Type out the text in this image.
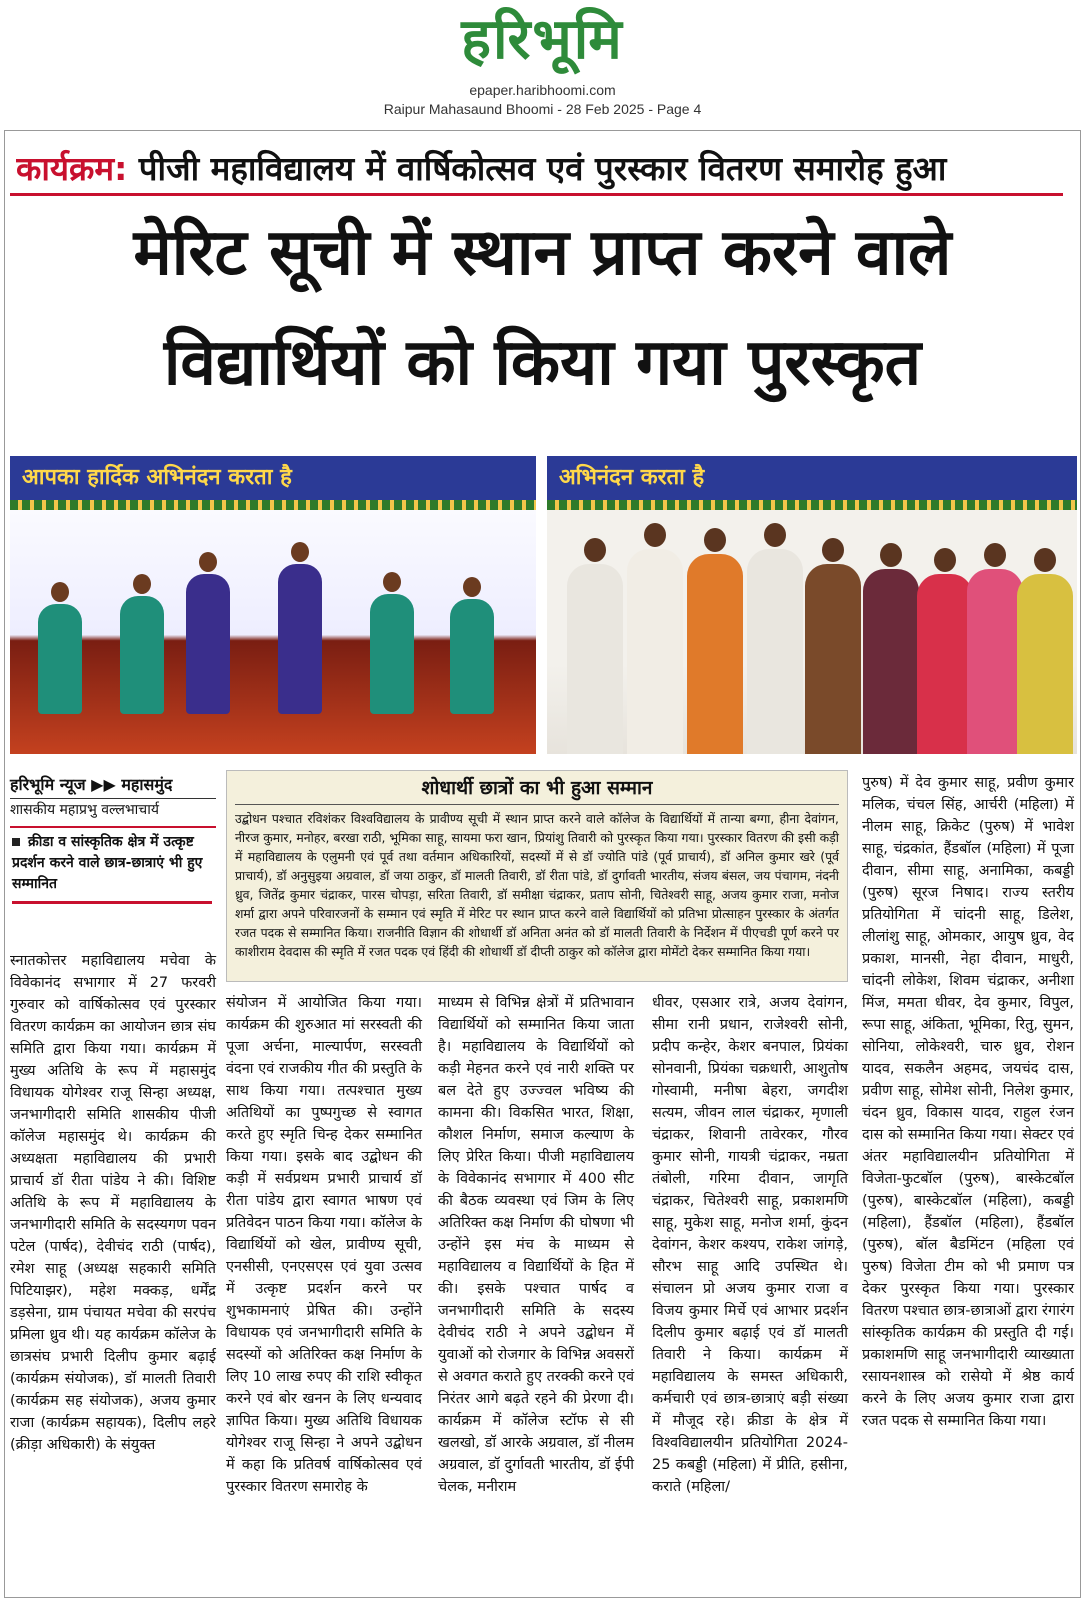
हरिभूमि
epaper.haribhoomi.com
Raipur Mahasaund Bhoomi - 28 Feb 2025 - Page 4
कार्यक्रम: पीजी महाविद्यालय में वार्षिकोत्सव एवं पुरस्कार वितरण समारोह हुआ
मेरिट सूची में स्थान प्राप्त करने वाले
विद्यार्थियों को किया गया पुरस्कृत
आपका हार्दिक अभिनंदन करता है	अभिनंदन करता है
हरिभूमि न्यूज ▶▶ महासमुंद
शासकीय महाप्रभु वल्लभाचार्य
क्रीडा व सांस्कृतिक क्षेत्र में उत्कृष्ट प्रदर्शन करने वाले छात्र-छात्राएं भी हुए सम्मानित
स्नातकोत्तर महाविद्यालय मचेवा के विवेकानंद सभागार में 27 फरवरी गुरुवार को वार्षिकोत्सव एवं पुरस्कार वितरण कार्यक्रम का आयोजन छात्र संघ समिति द्वारा किया गया। कार्यक्रम में मुख्य अतिथि के रूप में महासमुंद विधायक योगेश्वर राजू सिन्हा अध्यक्ष, जनभागीदारी समिति शासकीय पीजी कॉलेज महासमुंद थे। कार्यक्रम की अध्यक्षता महाविद्यालय की प्रभारी प्राचार्य डॉ रीता पांडेय ने की। विशिष्ट अतिथि के रूप में महाविद्यालय के जनभागीदारी समिति के सदस्यगण पवन पटेल (पार्षद), देवीचंद राठी (पार्षद), रमेश साहू (अध्यक्ष सहकारी समिति पिटियाझर), महेश मक्कड़, धर्मेंद्र डड़सेना, ग्राम पंचायत मचेवा की सरपंच प्रमिला ध्रुव थी। यह कार्यक्रम कॉलेज के छात्रसंघ प्रभारी दिलीप कुमार बढ़ाई (कार्यक्रम संयोजक), डॉ मालती तिवारी (कार्यक्रम सह संयोजक), अजय कुमार राजा (कार्यक्रम सहायक), दिलीप लहरे (क्रीड़ा अधिकारी) के संयुक्त
शोधार्थी छात्रों का भी हुआ सम्मान
उद्बोधन पश्चात रविशंकर विश्वविद्यालय के प्रावीण्य सूची में स्थान प्राप्त करने वाले कॉलेज के विद्यार्थियों में तान्या बग्गा, हीना देवांगन, नीरज कुमार, मनोहर, बरखा राठी, भूमिका साहू, सायमा फरा खान, प्रियांशु तिवारी को पुरस्कृत किया गया। पुरस्कार वितरण की इसी कड़ी में महाविद्यालय के एलुमनी एवं पूर्व तथा वर्तमान अधिकारियों, सदस्यों में से डॉ ज्योति पांडे (पूर्व प्राचार्य), डॉ अनिल कुमार खरे (पूर्व प्राचार्य), डॉ अनुसुइया अग्रवाल, डॉ जया ठाकुर, डॉ मालती तिवारी, डॉ रीता पांडे, डॉ दुर्गावती भारतीय, संजय बंसल, जय पंचागम, नंदनी ध्रुव, जितेंद्र कुमार चंद्राकर, पारस चोपड़ा, सरिता तिवारी, डॉ समीक्षा चंद्राकर, प्रताप सोनी, चितेश्वरी साहू, अजय कुमार राजा, मनोज शर्मा द्वारा अपने परिवारजनों के सम्मान एवं स्मृति में मेरिट पर स्थान प्राप्त करने वाले विद्यार्थियों को प्रतिभा प्रोत्साहन पुरस्कार के अंतर्गत रजत पदक से सम्मानित किया। राजनीति विज्ञान की शोधार्थी डॉ अनिता अनंत को डॉ मालती तिवारी के निर्देशन में पीएचडी पूर्ण करने पर काशीराम देवदास की स्मृति में रजत पदक एवं हिंदी की शोधार्थी डॉ दीप्ती ठाकुर को कॉलेज द्वारा मोमेंटो देकर सम्मानित किया गया।
संयोजन में आयोजित किया गया। कार्यक्रम की शुरुआत मां सरस्वती की पूजा अर्चना, माल्यार्पण, सरस्वती वंदना एवं राजकीय गीत की प्रस्तुति के साथ किया गया। तत्पश्चात मुख्य अतिथियों का पुष्पगुच्छ से स्वागत करते हुए स्मृति चिन्ह देकर सम्मानित किया गया। इसके बाद उद्बोधन की कड़ी में सर्वप्रथम प्रभारी प्राचार्य डॉ रीता पांडेय द्वारा स्वागत भाषण एवं प्रतिवेदन पाठन किया गया। कॉलेज के विद्यार्थियों को खेल, प्रावीण्य सूची, एनसीसी, एनएसएस एवं युवा उत्सव में उत्कृष्ट प्रदर्शन करने पर शुभकामनाएं प्रेषित की। उन्होंने विधायक एवं जनभागीदारी समिति के सदस्यों को अतिरिक्त कक्ष निर्माण के लिए 10 लाख रुपए की राशि स्वीकृत करने एवं बोर खनन के लिए धन्यवाद ज्ञापित किया। मुख्य अतिथि विधायक योगेश्वर राजू सिन्हा ने अपने उद्बोधन में कहा कि प्रतिवर्ष वार्षिकोत्सव एवं पुरस्कार वितरण समारोह के
माध्यम से विभिन्न क्षेत्रों में प्रतिभावान विद्यार्थियों को सम्मानित किया जाता है। महाविद्यालय के विद्यार्थियों को कड़ी मेहनत करने एवं नारी शक्ति पर बल देते हुए उज्ज्वल भविष्य की कामना की। विकसित भारत, शिक्षा, कौशल निर्माण, समाज कल्याण के लिए प्रेरित किया। पीजी महाविद्यालय के विवेकानंद सभागार में 400 सीट की बैठक व्यवस्था एवं जिम के लिए अतिरिक्त कक्ष निर्माण की घोषणा भी उन्होंने इस मंच के माध्यम से महाविद्यालय व विद्यार्थियों के हित में की। इसके पश्चात पार्षद व जनभागीदारी समिति के सदस्य देवीचंद राठी ने अपने उद्बोधन में युवाओं को रोजगार के विभिन्न अवसरों से अवगत कराते हुए तरक्की करने एवं निरंतर आगे बढ़ते रहने की प्रेरणा दी। कार्यक्रम में कॉलेज स्टॉफ से सी खलखो, डॉ आरके अग्रवाल, डॉ नीलम अग्रवाल, डॉ दुर्गावती भारतीय, डॉ ईपी चेलक, मनीराम
धीवर, एसआर रात्रे, अजय देवांगन, सीमा रानी प्रधान, राजेश्वरी सोनी, प्रदीप कन्हेर, केशर बनपाल, प्रियंका सोनवानी, प्रियंका चक्रधारी, आशुतोष गोस्वामी, मनीषा बेहरा, जगदीश सत्यम, जीवन लाल चंद्राकर, मृणाली चंद्राकर, शिवानी तावेरकर, गौरव कुमार सोनी, गायत्री चंद्राकर, नम्रता तंबोली, गरिमा दीवान, जागृति चंद्राकर, चितेश्वरी साहू, प्रकाशमणि साहू, मुकेश साहू, मनोज शर्मा, कुंदन देवांगन, केशर कश्यप, राकेश जांगड़े, सौरभ साहू आदि उपस्थित थे। संचालन प्रो अजय कुमार राजा व विजय कुमार मिर्चे एवं आभार प्रदर्शन दिलीप कुमार बढ़ाई एवं डॉ मालती तिवारी ने किया। कार्यक्रम में महाविद्यालय के समस्त अधिकारी, कर्मचारी एवं छात्र-छात्राएं बड़ी संख्या में मौजूद रहे। क्रीडा के क्षेत्र में विश्वविद्यालयीन प्रतियोगिता 2024-25 कबड्डी (महिला) में प्रीति, हसीना, कराते (महिला/
पुरुष) में देव कुमार साहू, प्रवीण कुमार मलिक, चंचल सिंह, आर्चरी (महिला) में नीलम साहू, क्रिकेट (पुरुष) में भावेश साहू, चंद्रकांत, हैंडबॉल (महिला) में पूजा दीवान, सीमा साहू, अनामिका, कबड्डी (पुरुष) सूरज निषाद। राज्य स्तरीय प्रतियोगिता में चांदनी साहू, डिलेश, लीलांशु साहू, ओमकार, आयुष ध्रुव, वेद प्रकाश, मानसी, नेहा दीवान, माधुरी, चांदनी लोकेश, शिवम चंद्राकर, अनीशा मिंज, ममता धीवर, देव कुमार, विपुल, रूपा साहू, अंकिता, भूमिका, रितु, सुमन, सोनिया, लोकेश्वरी, चारु ध्रुव, रोशन यादव, सकलैन अहमद, जयचंद दास, प्रवीण साहू, सोमेश सोनी, निलेश कुमार, चंदन ध्रुव, विकास यादव, राहुल रंजन दास को सम्मानित किया गया। सेक्टर एवं अंतर महाविद्यालयीन प्रतियोगिता में विजेता-फुटबॉल (पुरुष), बास्केटबॉल (पुरुष), बास्केटबॉल (महिला), कबड्डी (महिला), हैंडबॉल (महिला), हैंडबॉल (पुरुष), बॉल बैडमिंटन (महिला एवं पुरुष) विजेता टीम को भी प्रमाण पत्र देकर पुरस्कृत किया गया। पुरस्कार वितरण पश्चात छात्र-छात्राओं द्वारा रंगारंग सांस्कृतिक कार्यक्रम की प्रस्तुति दी गई। प्रकाशमणि साहू जनभागीदारी व्याख्याता रसायनशास्त्र को रासेयो में श्रेष्ठ कार्य करने के लिए अजय कुमार राजा द्वारा रजत पदक से सम्मानित किया गया।
